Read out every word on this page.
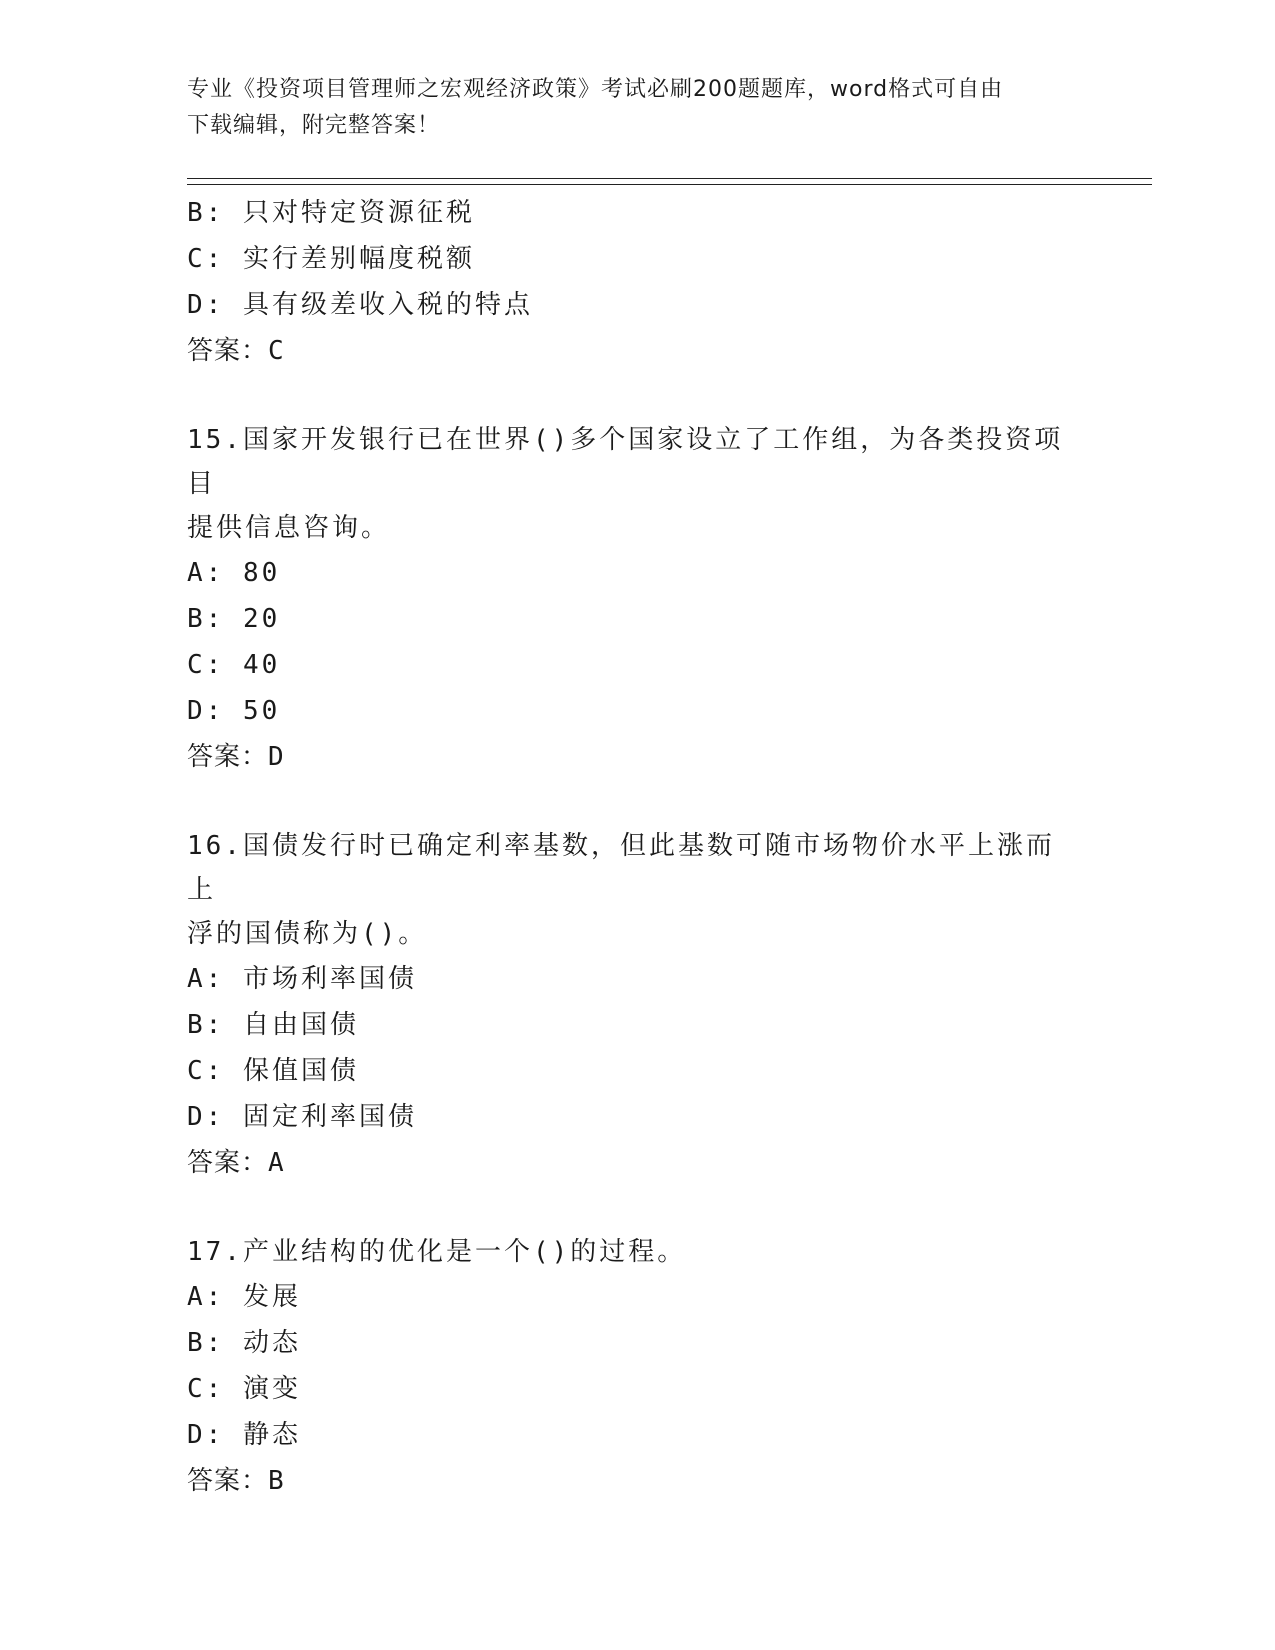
专业《投资项目管理师之宏观经济政策》考试必刷200题题库，word格式可自由
下载编辑，附完整答案！
B: 只对特定资源征税
C: 实行差别幅度税额
D: 具有级差收入税的特点
答案：C
15.国家开发银行已在世界()多个国家设立了工作组，为各类投资项目
提供信息咨询。
A: 80
B: 20
C: 40
D: 50
答案：D
16.国债发行时已确定利率基数，但此基数可随市场物价水平上涨而上
浮的国债称为()。
A: 市场利率国债
B: 自由国债
C: 保值国债
D: 固定利率国债
答案：A
17.产业结构的优化是一个()的过程。
A: 发展
B: 动态
C: 演变
D: 静态
答案：B
